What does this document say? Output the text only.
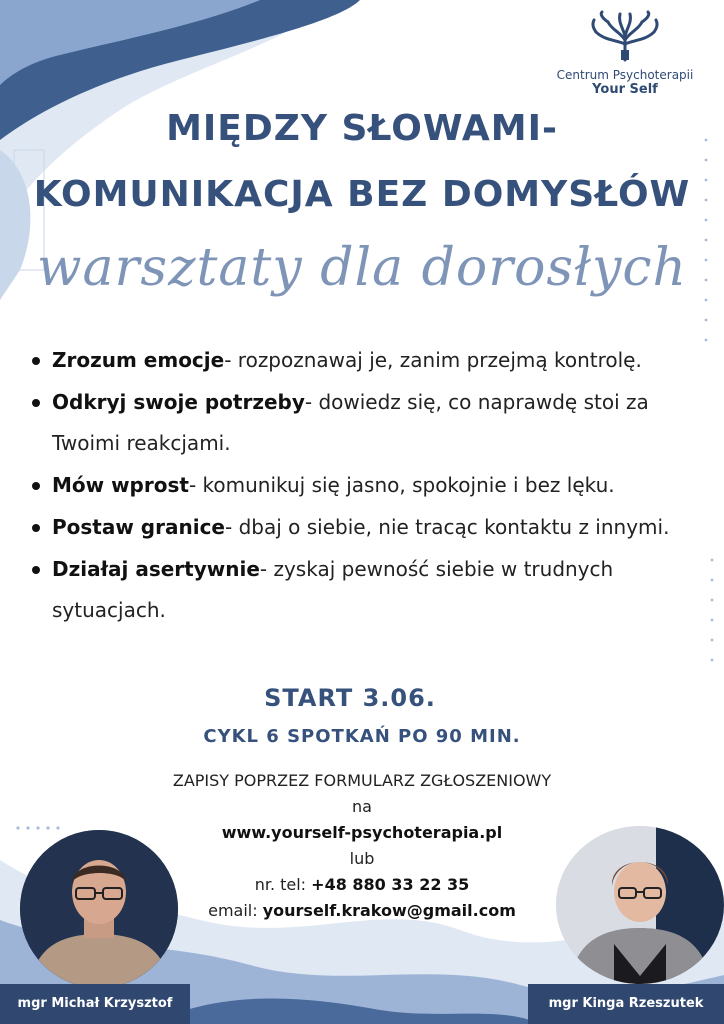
Centrum Psychoterapii
Your Self
MIĘDZY SŁOWAMI-
KOMUNIKACJA BEZ DOMYSŁÓW
warsztaty dla dorosłych
Zrozum emocje- rozpoznawaj je, zanim przejmą kontrolę.
Odkryj swoje potrzeby- dowiedz się, co naprawdę stoi za Twoimi reakcjami.
Mów wprost- komunikuj się jasno, spokojnie i bez lęku.
Postaw granice- dbaj o siebie, nie tracąc kontaktu z innymi.
Działaj asertywnie- zyskaj pewność siebie w trudnych sytuacjach.
START 3.06.
CYKL 6 SPOTKAŃ PO 90 MIN.
ZAPISY POPRZEZ FORMULARZ ZGŁOSZENIOWY na
www.yourself-psychoterapia.pl
lub
nr. tel: +48 880 33 22 35
email: yourself.krakow@gmail.com
mgr Michał Krzysztof	mgr Kinga Rzeszutek
